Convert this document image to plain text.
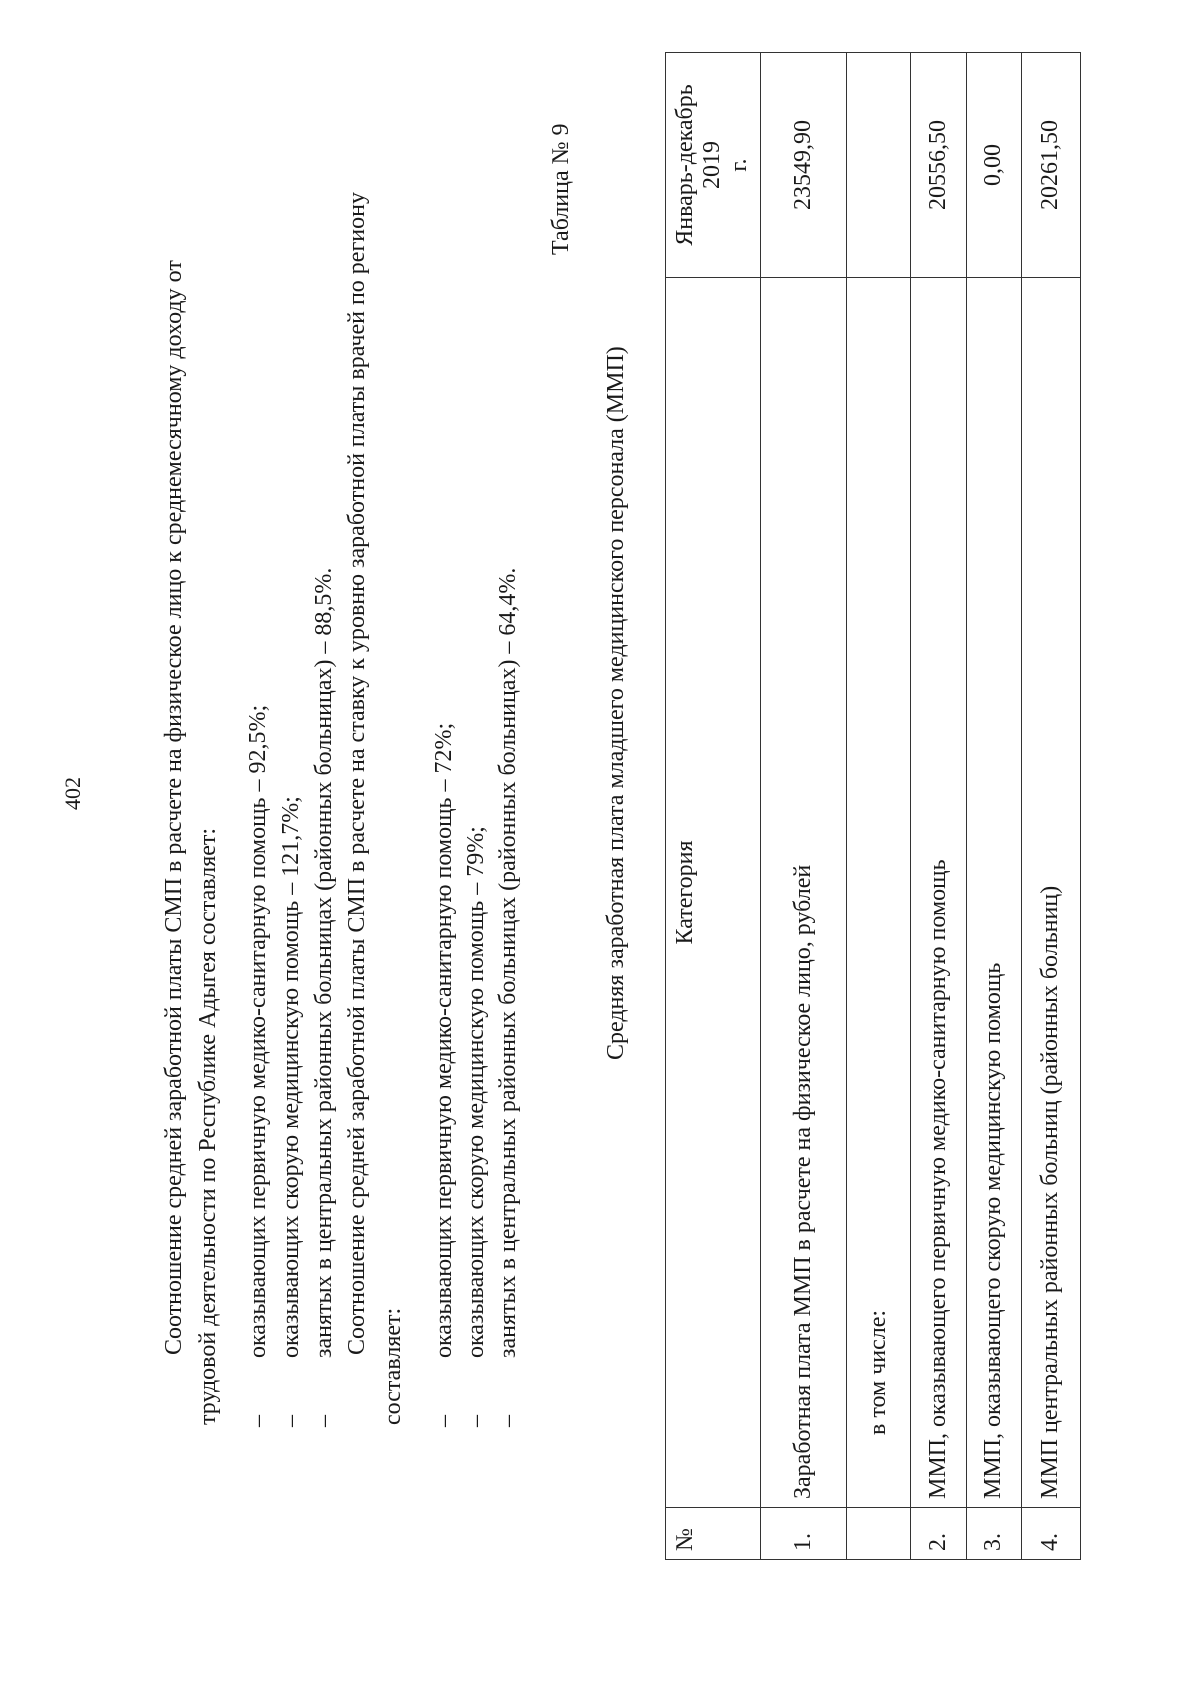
402	Соотношение средней заработной платы СМП в расчете на физическое лицо к среднемесячному доходу от трудовой деятельности по Республике Адыгея составляет: –
оказывающих первичную медико-санитарную помощь – 92,5%;
–
оказывающих скорую медицинскую помощь – 121,7%;
–
занятых в центральных районных больницах (районных больницах) – 88,5%. Соотношение средней заработной платы СМП в расчете на ставку к уровню заработной платы врачей по региону
составляет: –
оказывающих первичную медико-санитарную помощь – 72%;
–
оказывающих скорую медицинскую помощь – 79%;
–
занятых в центральных районных больницах (районных больницах) – 64,4%.
Таблица № 9
Средняя заработная плата младшего медицинского персонала (ММП)
№	Категория	Январь-декабрь 2019 г.

1.	Заработная плата ММП в расчете на физическое лицо, рублей	23549,90
	в том числе:	
2.	ММП, оказывающего первичную медико-санитарную помощь	20556,50
3.	ММП, оказывающего скорую медицинскую помощь	0,00
4.	ММП центральных районных больниц (районных больниц)	20261,50
